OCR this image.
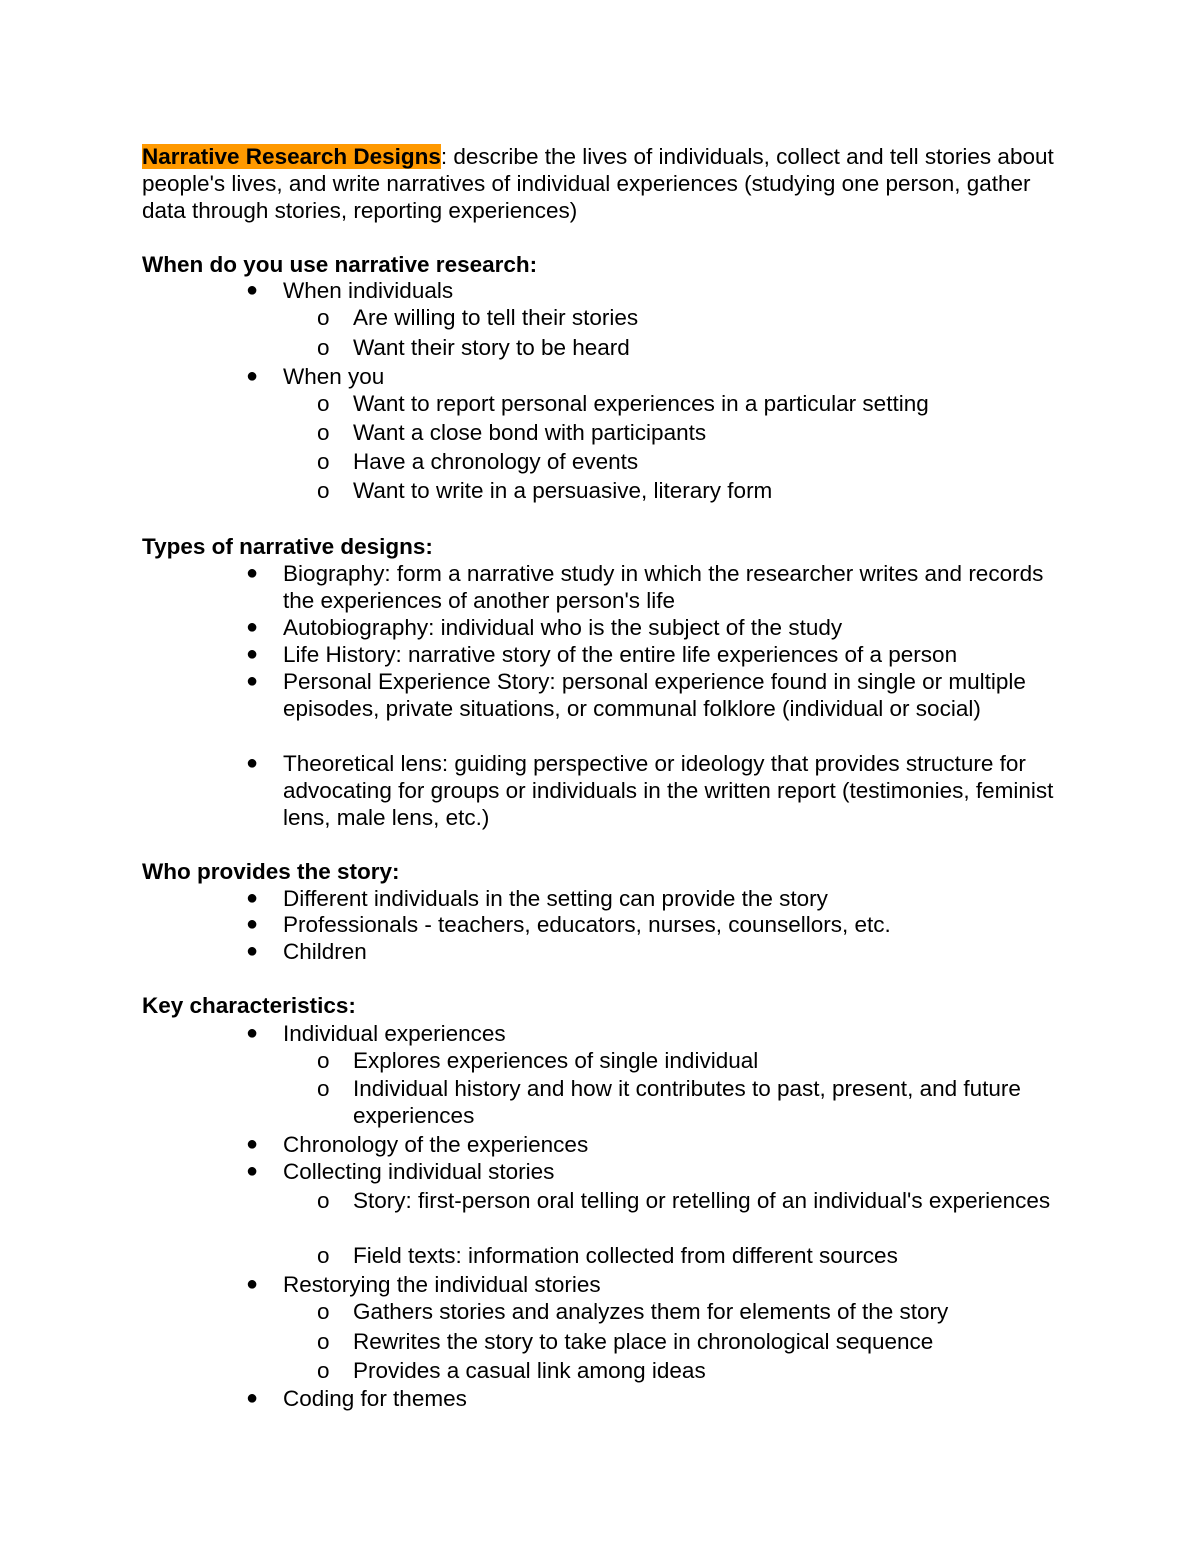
Narrative Research Designs: describe the lives of individuals, collect and tell stories about people's lives, and write narratives of individual experiences (studying one person, gather data through stories, reporting experiences)

When do you use narrative research:

● When individuals
o Are willing to tell their stories
o Want their story to be heard
● When you
o Want to report personal experiences in a particular setting
o Want a close bond with participants
o Have a chronology of events
o Want to write in a persuasive, literary form

Types of narrative designs:

● Biography: form a narrative study in which the researcher writes and records the experiences of another person's life
● Autobiography: individual who is the subject of the study
● Life History: narrative story of the entire life experiences of a person
● Personal Experience Story: personal experience found in single or multiple episodes, private situations, or communal folklore (individual or social)
● Theoretical lens: guiding perspective or ideology that provides structure for advocating for groups or individuals in the written report (testimonies, feminist lens, male lens, etc.)

Who provides the story:

● Different individuals in the setting can provide the story
● Professionals - teachers, educators, nurses, counsellors, etc.
● Children

Key characteristics:

● Individual experiences
o Explores experiences of single individual
o Individual history and how it contributes to past, present, and future experiences
● Chronology of the experiences
● Collecting individual stories
o Story: first-person oral telling or retelling of an individual's experiences
o Field texts: information collected from different sources
● Restorying the individual stories
o Gathers stories and analyzes them for elements of the story
o Rewrites the story to take place in chronological sequence
o Provides a casual link among ideas
● Coding for themes
